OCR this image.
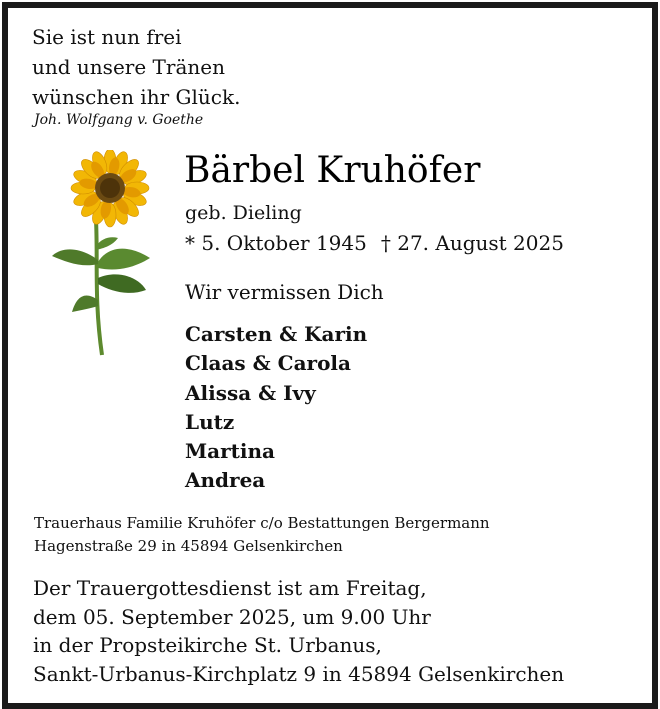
Sie ist nun frei
und unsere Tränen
wünschen ihr Glück.
Joh. Wolfgang v. Goethe
Bärbel Kruhöfer
geb. Dieling
* 5. Oktober 1945 † 27. August 2025
Wir vermissen Dich
Carsten & Karin
Claas & Carola
Alissa & Ivy
Lutz
Martina
Andrea
Trauerhaus Familie Kruhöfer c/o Bestattungen Bergermann
Hagenstraße 29 in 45894 Gelsenkirchen
Der Trauergottesdienst ist am Freitag,
dem 05. September 2025, um 9.00 Uhr
in der Propsteikirche St. Urbanus,
Sankt-Urbanus-Kirchplatz 9 in 45894 Gelsenkirchen
